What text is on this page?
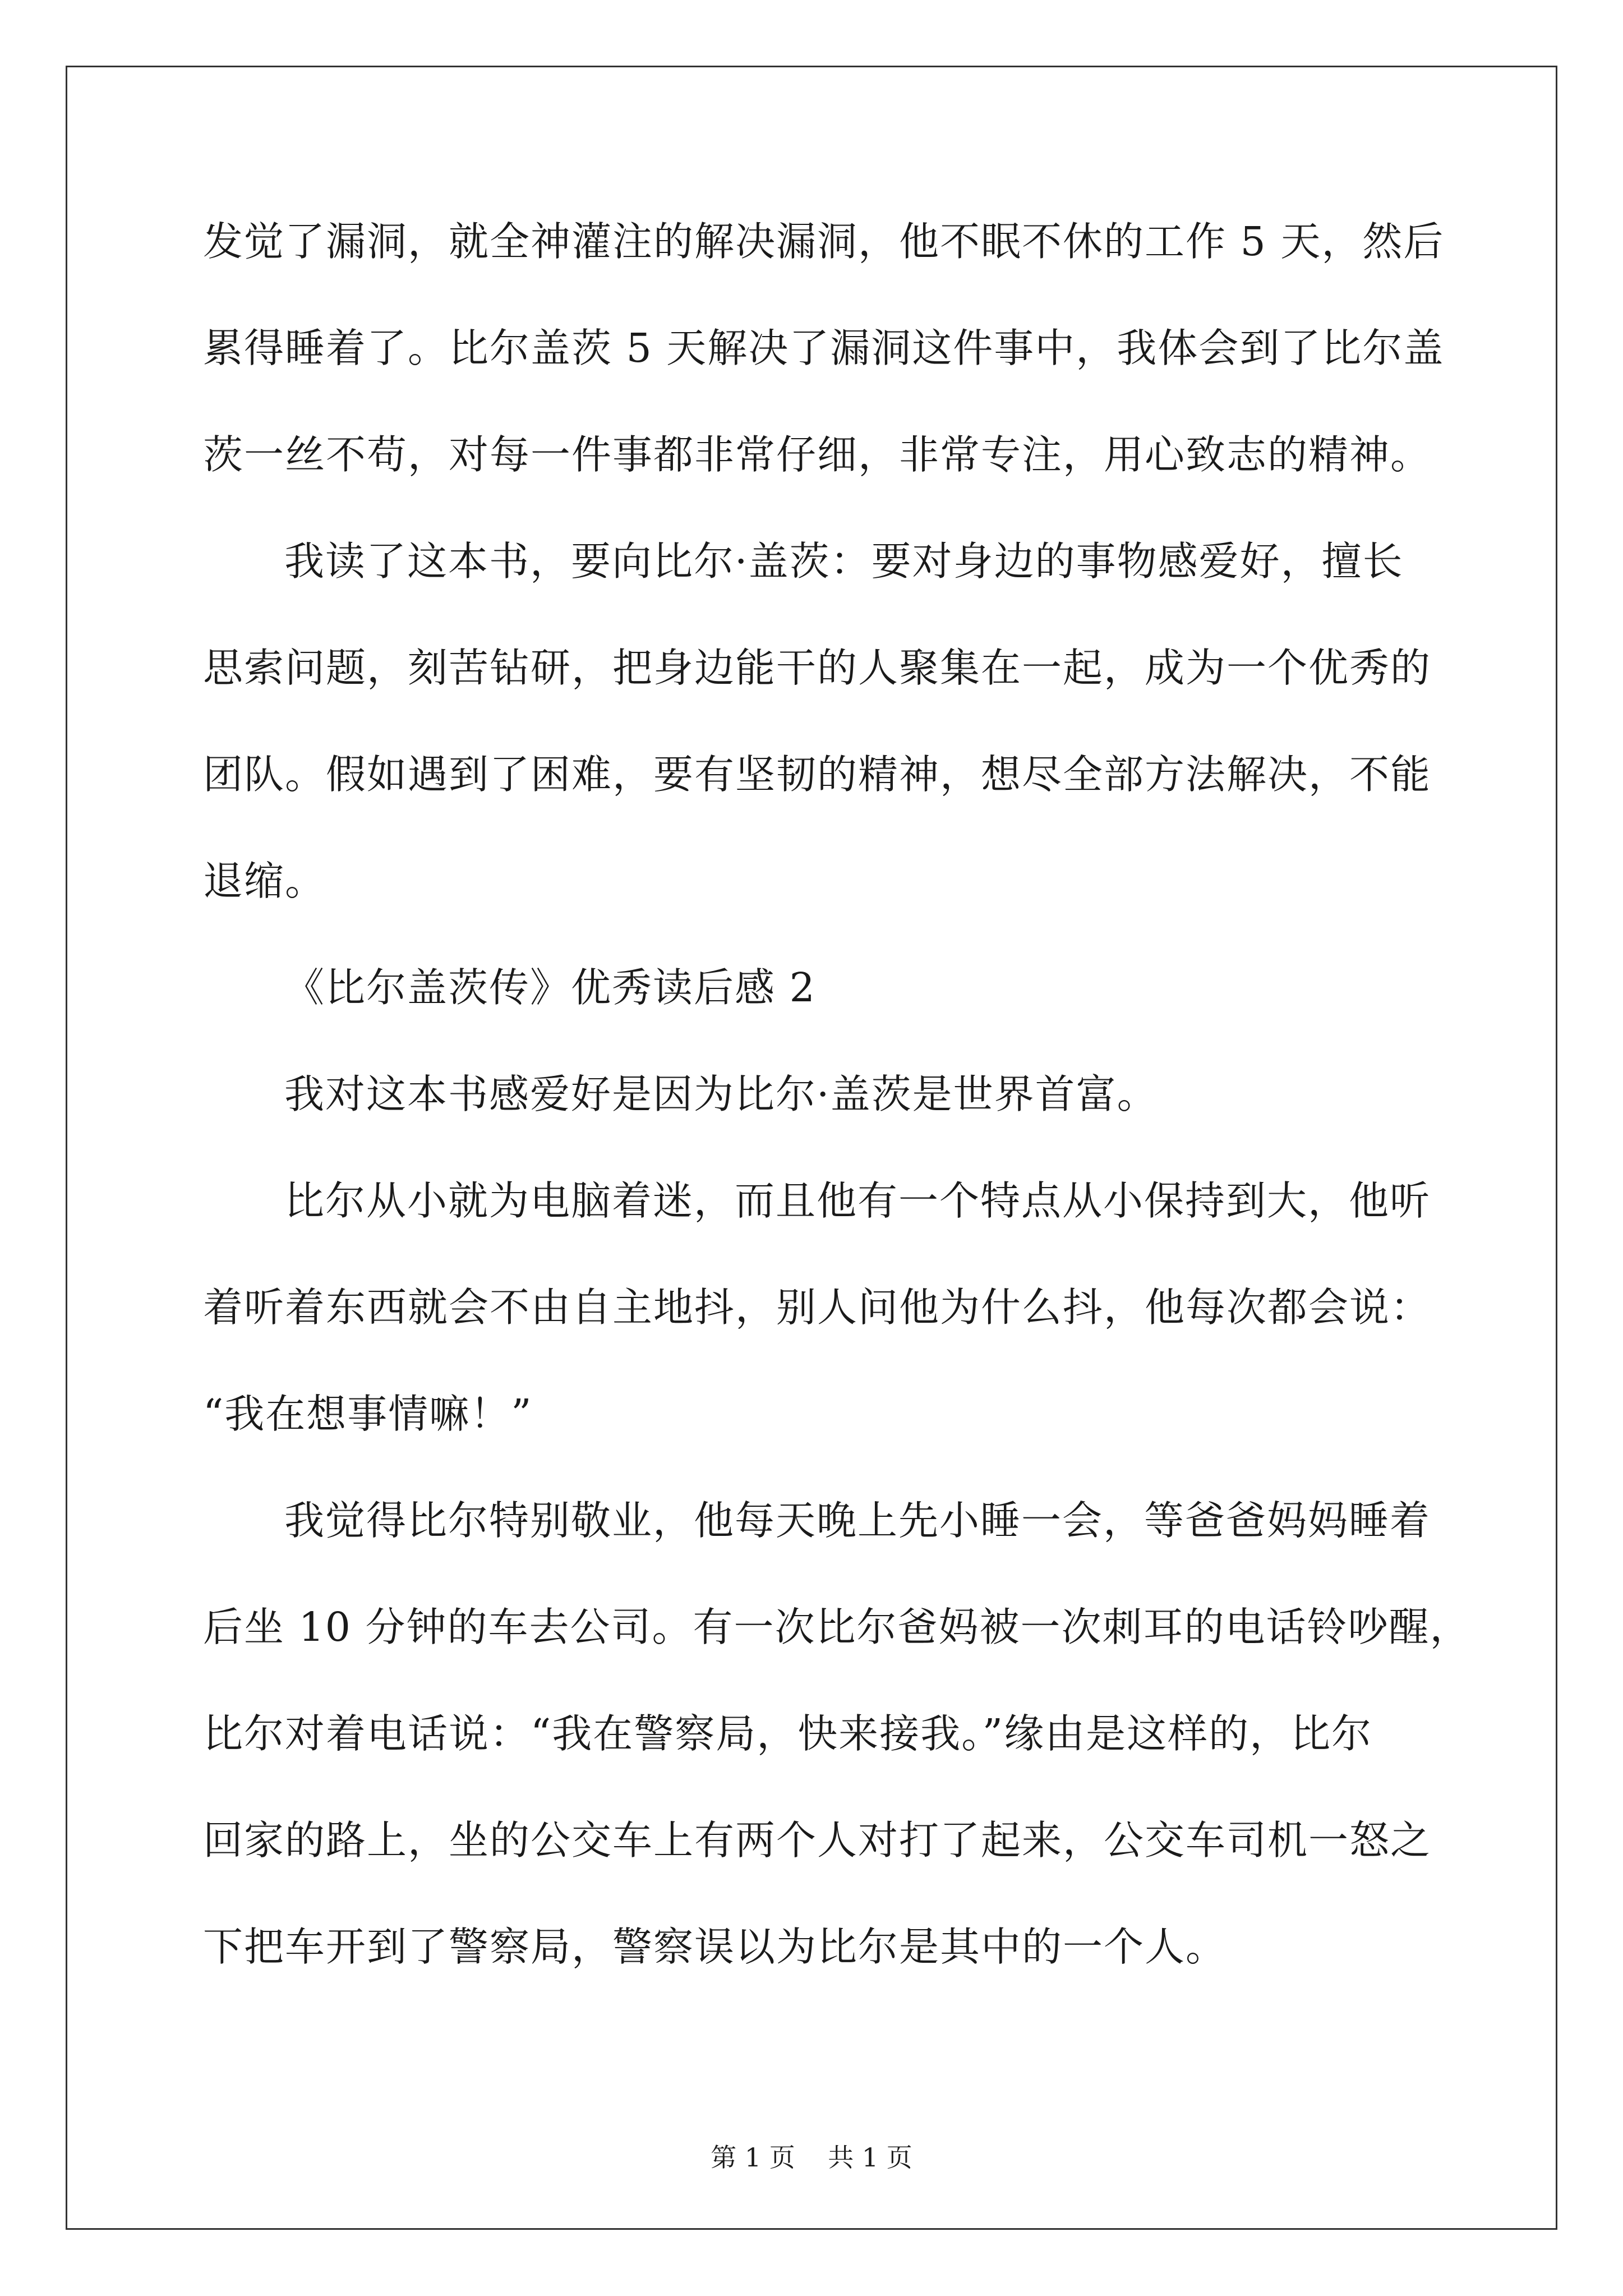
发觉了漏洞，就全神灌注的解决漏洞，他不眠不休的工作 5 天，然后
累得睡着了。比尔盖茨 5 天解决了漏洞这件事中，我体会到了比尔盖
茨一丝不苟，对每一件事都非常仔细，非常专注，用心致志的精神。
我读了这本书，要向比尔·盖茨：要对身边的事物感爱好，擅长
思索问题，刻苦钻研，把身边能干的人聚集在一起，成为一个优秀的
团队。假如遇到了困难，要有坚韧的精神，想尽全部方法解决，不能
退缩。
《比尔盖茨传》优秀读后感 2
我对这本书感爱好是因为比尔·盖茨是世界首富。
比尔从小就为电脑着迷，而且他有一个特点从小保持到大，他听
着听着东西就会不由自主地抖，别人问他为什么抖，他每次都会说：
“我在想事情嘛！”
我觉得比尔特别敬业，他每天晚上先小睡一会，等爸爸妈妈睡着
后坐 10 分钟的车去公司。有一次比尔爸妈被一次刺耳的电话铃吵醒，
比尔对着电话说：“我在警察局，快来接我。”缘由是这样的，比尔
回家的路上，坐的公交车上有两个人对打了起来，公交车司机一怒之
下把车开到了警察局，警察误以为比尔是其中的一个人。
第 1 页    共 1 页
